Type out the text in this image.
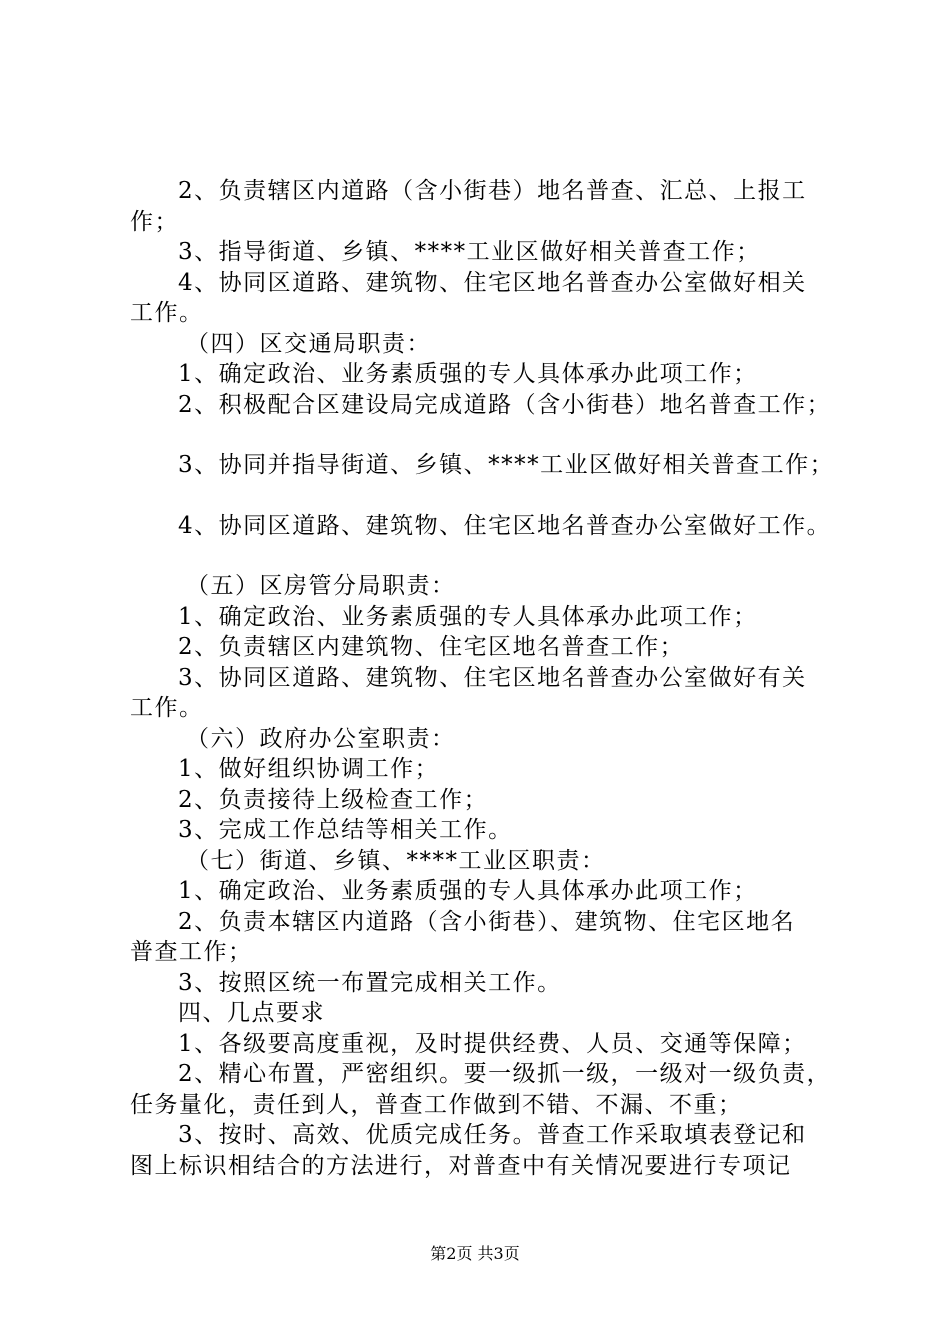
2、负责辖区内道路（含小街巷）地名普查、汇总、上报工
作；
3、指导街道、乡镇、****工业区做好相关普查工作；
4、协同区道路、建筑物、住宅区地名普查办公室做好相关
工作。
（四）区交通局职责：
1、确定政治、业务素质强的专人具体承办此项工作；
2、积极配合区建设局完成道路（含小街巷）地名普查工作；
3、协同并指导街道、乡镇、****工业区做好相关普查工作；
4、协同区道路、建筑物、住宅区地名普查办公室做好工作。
（五）区房管分局职责：
1、确定政治、业务素质强的专人具体承办此项工作；
2、负责辖区内建筑物、住宅区地名普查工作；
3、协同区道路、建筑物、住宅区地名普查办公室做好有关
工作。
（六）政府办公室职责：
1、做好组织协调工作；
2、负责接待上级检查工作；
3、完成工作总结等相关工作。
（七）街道、乡镇、****工业区职责：
1、确定政治、业务素质强的专人具体承办此项工作；
2、负责本辖区内道路（含小街巷）、建筑物、住宅区地名
普查工作；
3、按照区统一布置完成相关工作。
四、几点要求
1、各级要高度重视，及时提供经费、人员、交通等保障；
2、精心布置，严密组织。要一级抓一级，一级对一级负责，
任务量化，责任到人，普查工作做到不错、不漏、不重；
3、按时、高效、优质完成任务。普查工作采取填表登记和
图上标识相结合的方法进行，对普查中有关情况要进行专项记
第2页 共3页
